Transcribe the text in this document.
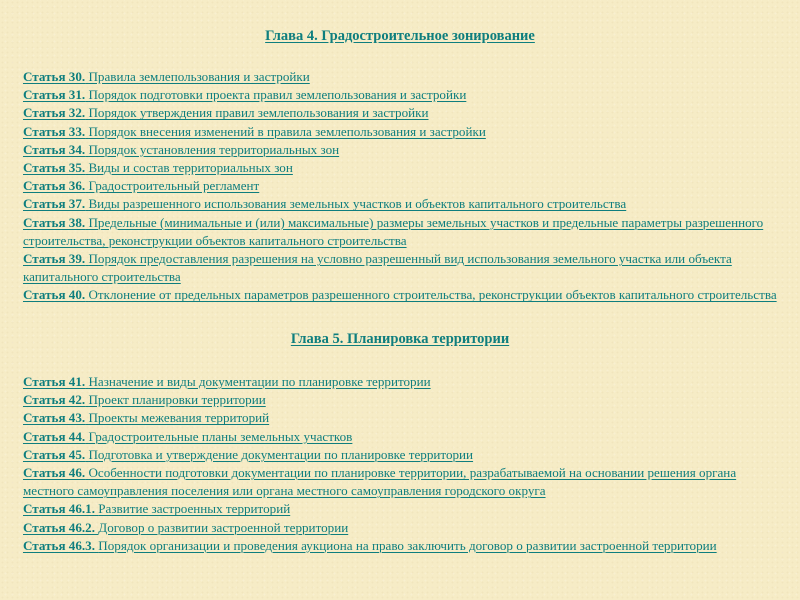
Глава 4. Градостроительное зонирование
Статья 30. Правила землепользования и застройки
Статья 31. Порядок подготовки проекта правил землепользования и застройки
Статья 32. Порядок утверждения правил землепользования и застройки
Статья 33. Порядок внесения изменений в правила землепользования и застройки
Статья 34. Порядок установления территориальных зон
Статья 35. Виды и состав территориальных зон
Статья 36. Градостроительный регламент
Статья 37. Виды разрешенного использования земельных участков и объектов капитального строительства
Статья 38. Предельные (минимальные и (или) максимальные) размеры земельных участков и предельные параметры разрешенного строительства, реконструкции объектов капитального строительства
Статья 39. Порядок предоставления разрешения на условно разрешенный вид использования земельного участка или объекта капитального строительства
Статья 40. Отклонение от предельных параметров разрешенного строительства, реконструкции объектов капитального строительства
Глава 5. Планировка территории
Статья 41. Назначение и виды документации по планировке территории
Статья 42. Проект планировки территории
Статья 43. Проекты межевания территорий
Статья 44. Градостроительные планы земельных участков
Статья 45. Подготовка и утверждение документации по планировке территории
Статья 46. Особенности подготовки документации по планировке территории, разрабатываемой на основании решения органа местного самоуправления поселения или органа местного самоуправления городского округа
Статья 46.1. Развитие застроенных территорий
Статья 46.2. Договор о развитии застроенной территории
Статья 46.3. Порядок организации и проведения аукциона на право заключить договор о развитии застроенной территории
